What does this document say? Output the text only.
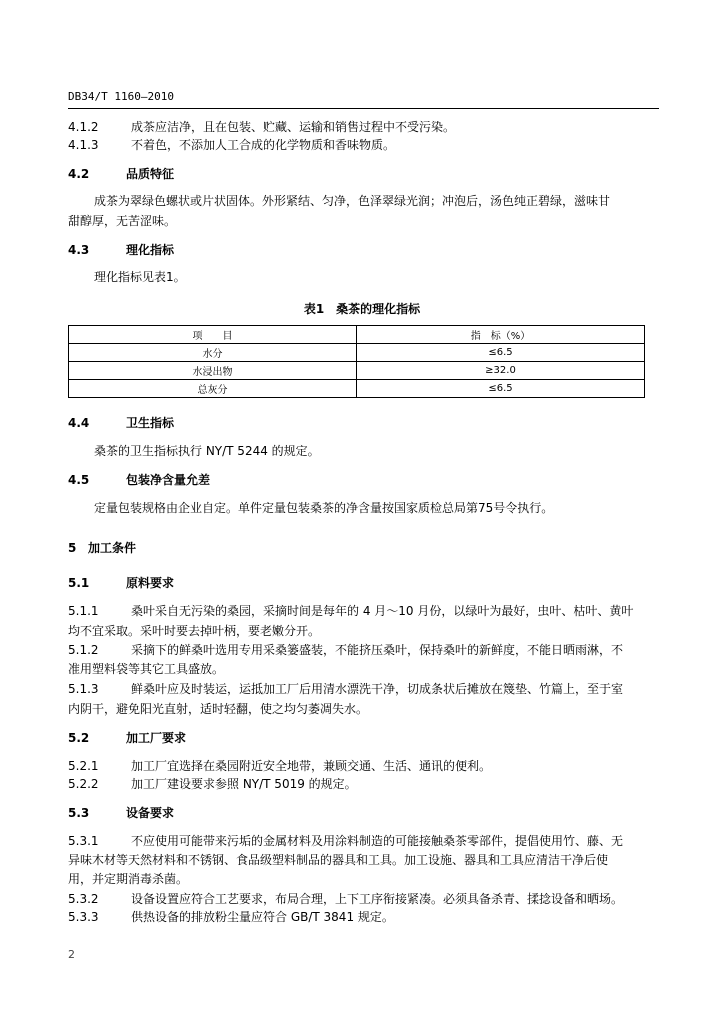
DB34/T 1160—2010
4.1.2	成茶应洁净，且在包装、贮藏、运输和销售过程中不受污染。
4.1.3	不着色，不添加人工合成的化学物质和香味物质。
4.2	品质特征
成茶为翠绿色螺状或片状固体。外形紧结、匀净，色泽翠绿光润；冲泡后，汤色纯正碧绿，滋味甘
甜醇厚，无苦涩味。
4.3	理化指标
理化指标见表1。
表1　桑茶的理化指标
项　　目	指　标（%）
水分	≤6.5
水浸出物	≥32.0
总灰分	≤6.5
4.4	卫生指标
桑茶的卫生指标执行 NY/T 5244 的规定。
4.5	包装净含量允差
定量包装规格由企业自定。单件定量包装桑茶的净含量按国家质检总局第75号令执行。
5 加工条件
5.1	原料要求
5.1.1	桑叶采自无污染的桑园，采摘时间是每年的 4 月～10 月份，以绿叶为最好，虫叶、枯叶、黄叶
均不宜采取。采叶时要去掉叶柄，要老嫩分开。
5.1.2	采摘下的鲜桑叶选用专用采桑篓盛装，不能挤压桑叶，保持桑叶的新鲜度，不能日晒雨淋，不
准用塑料袋等其它工具盛放。
5.1.3	鲜桑叶应及时装运，运抵加工厂后用清水漂洗干净，切成条状后摊放在篾垫、竹篇上，至于室
内阴干，避免阳光直射，适时轻翻，使之均匀萎凋失水。
5.2	加工厂要求
5.2.1	加工厂宜选择在桑园附近安全地带，兼顾交通、生活、通讯的便利。
5.2.2	加工厂建设要求参照 NY/T 5019 的规定。
5.3	设备要求
5.3.1	不应使用可能带来污垢的金属材料及用涂料制造的可能接触桑茶零部件，提倡使用竹、藤、无
异味木材等天然材料和不锈钢、食品级塑料制品的器具和工具。加工设施、器具和工具应清洁干净后使
用，并定期消毒杀菌。
5.3.2	设备设置应符合工艺要求，布局合理，上下工序衔接紧凑。必须具备杀青、揉捻设备和晒场。
5.3.3	供热设备的排放粉尘量应符合 GB/T 3841 规定。
2
